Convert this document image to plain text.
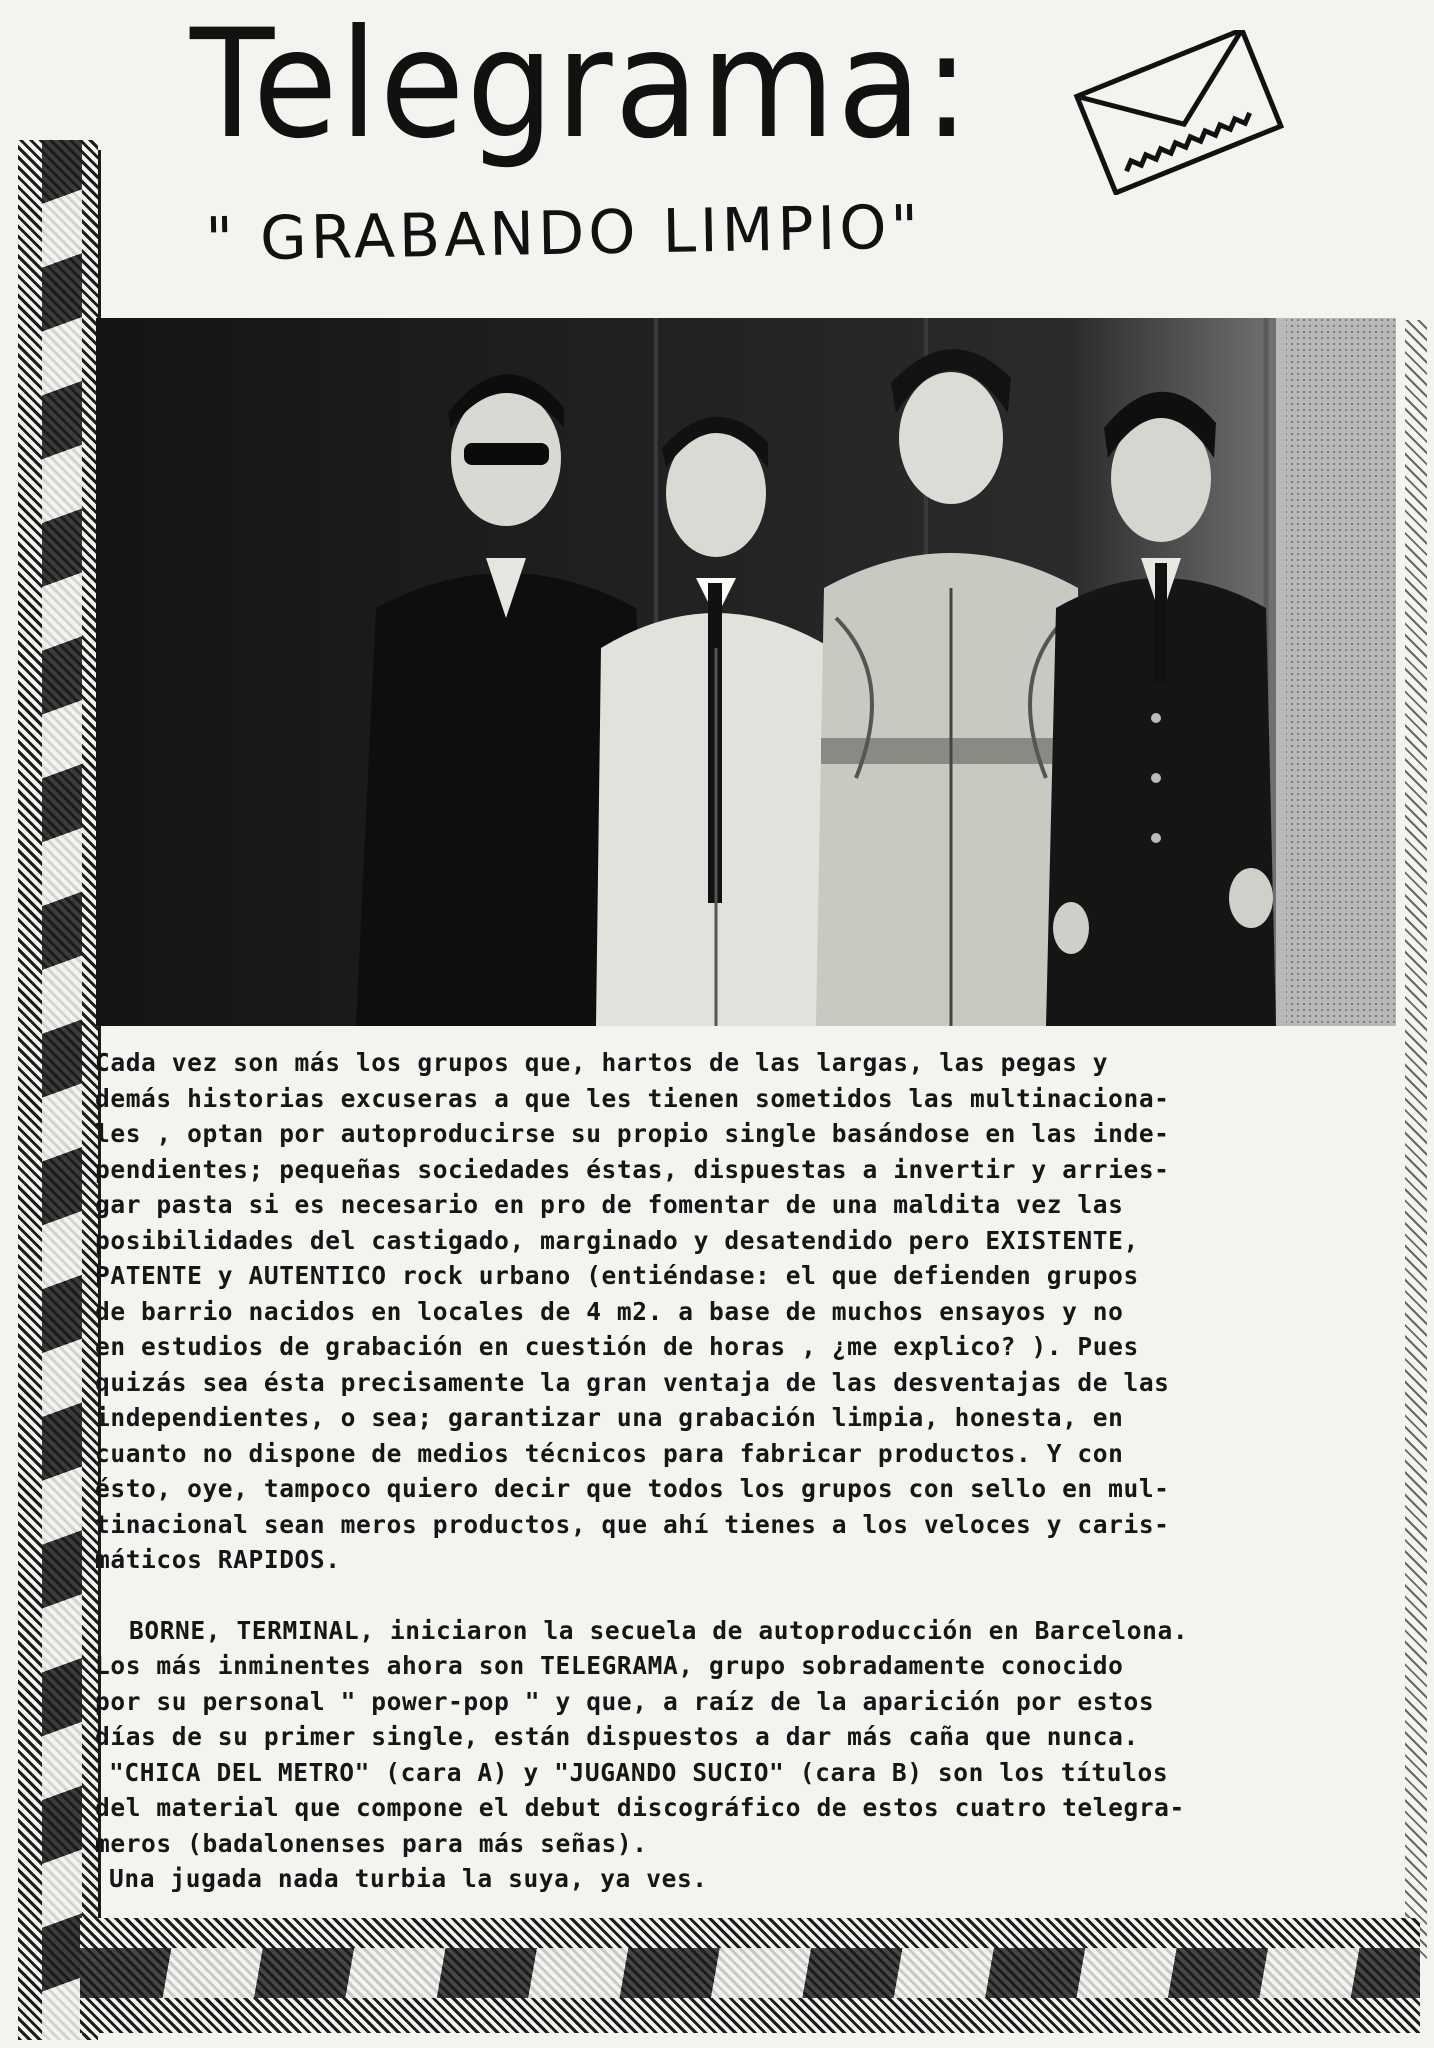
Telegrama:
" GRABANDO LIMPIO"
Cada vez son más los grupos que, hartos de las largas, las pegas y
demás historias excuseras a que les tienen sometidos las multinaciona-
les , optan por autoproducirse su propio single basándose en las inde-
pendientes; pequeñas sociedades éstas, dispuestas a invertir y arries-
gar pasta si es necesario en pro de fomentar de una maldita vez las
posibilidades del castigado, marginado y desatendido pero EXISTENTE,
PATENTE y AUTENTICO rock urbano (entiéndase: el que defienden grupos
de barrio nacidos en locales de 4 m2. a base de muchos ensayos y no
en estudios de grabación en cuestión de horas , ¿me explico? ). Pues
quizás sea ésta precisamente la gran ventaja de las desventajas de las
independientes, o sea; garantizar una grabación limpia, honesta, en
cuanto no dispone de medios técnicos para fabricar productos. Y con
ésto, oye, tampoco quiero decir que todos los grupos con sello en mul-
tinacional sean meros productos, que ahí tienes a los veloces y caris-
máticos RAPIDOS.
BORNE, TERMINAL, iniciaron la secuela de autoproducción en Barcelona.
Los más inminentes ahora son TELEGRAMA, grupo sobradamente conocido
por su personal " power-pop " y que, a raíz de la aparición por estos
días de su primer single, están dispuestos a dar más caña que nunca.
"CHICA DEL METRO" (cara A) y "JUGANDO SUCIO" (cara B) son los títulos
del material que compone el debut discográfico de estos cuatro telegra-
meros (badalonenses para más señas).
Una jugada nada turbia la suya, ya ves.
